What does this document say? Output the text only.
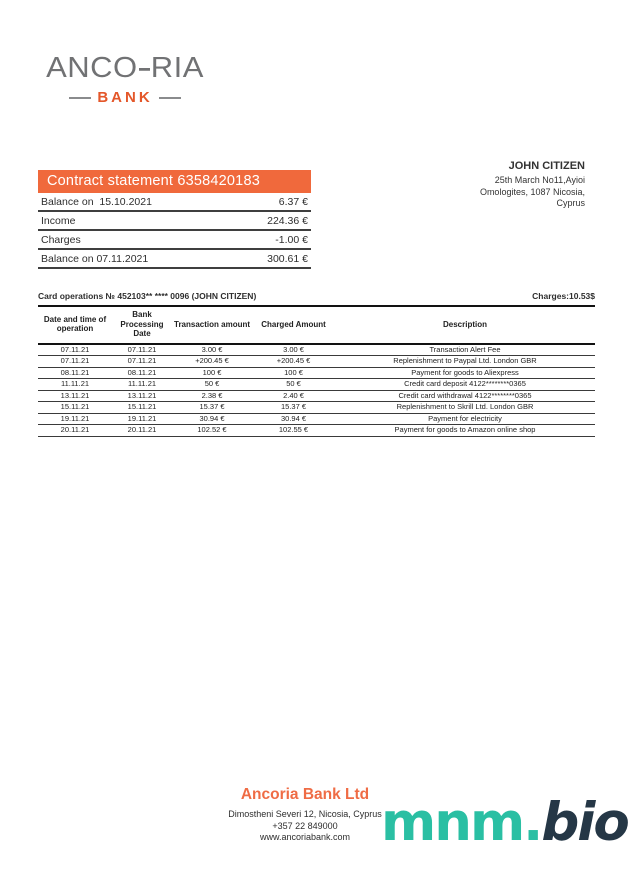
ANCO RIA
BANK
JOHN CITIZEN
25th March No11,Ayioi
Omologites, 1087 Nicosia,
Cyprus
Contract statement 6358420183
Balance on  15.10.2021	6.37 €
Income	224.36 €
Charges	-1.00 €
Balance on 07.11.2021	300.61 €
Card operations № 452103** **** 0096 (JOHN CITIZEN)	Charges:10.53$
Date and time of operation	Bank Processing Date	Transaction amount	Charged Amount	Description
07.11.21	07.11.21	3.00 €	3.00 €	Transaction Alert Fee
07.11.21	07.11.21	+200.45 €	+200.45 €	Replenishment to Paypal Ltd. London GBR
08.11.21	08.11.21	100 €	100 €	Payment for goods to Aliexpress
11.11.21	11.11.21	50 €	50 €	Credit card deposit 4122********0365
13.11.21	13.11.21	2.38 €	2.40 €	Credit card withdrawal 4122********0365
15.11.21	15.11.21	15.37 €	15.37 €	Replenishment to Skrill Ltd. London GBR
19.11.21	19.11.21	30.94 €	30.94 €	Payment for electricity
20.11.21	20.11.21	102.52 €	102.55 €	Payment for goods to Amazon online shop
Ancoria Bank Ltd
Dimostheni Severi 12, Nicosia, Cyprus
+357 22 849000
www.ancoriabank.com mnm.bio
